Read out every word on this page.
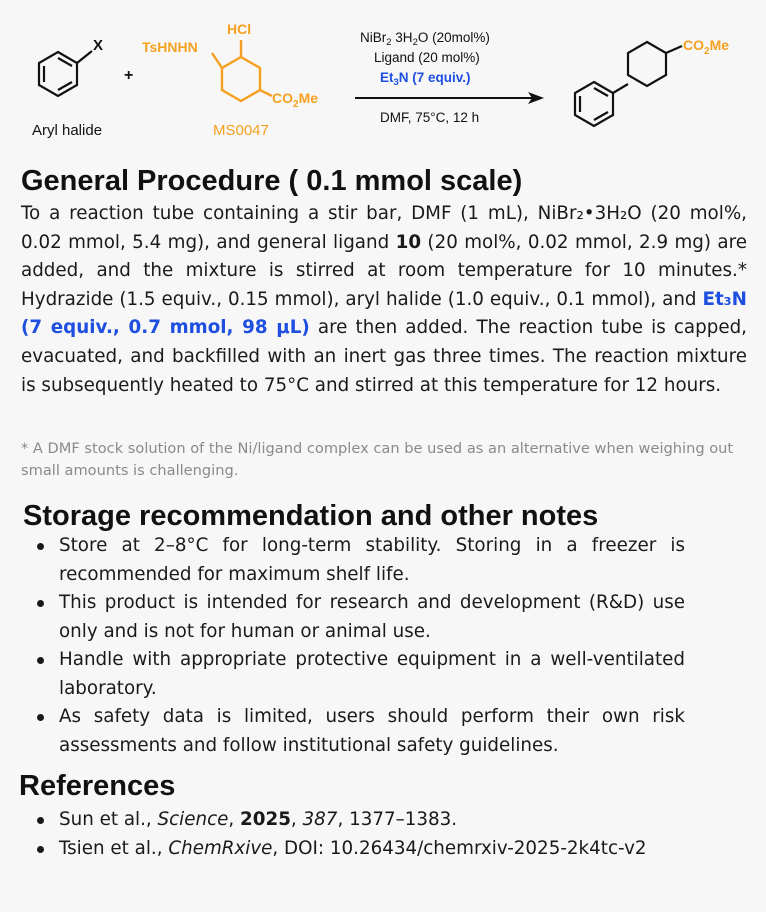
X
Aryl halide
+
HCl
TsHNHN
$CO_2Me$
MS0047
NiBr$_2$ $3H_2O$ (20mol%)
Ligand (20 mol%)
$Et_3N$ (7 equiv.)
DMF, 75°C, 12 h
$CO_2Me$
General Procedure ( 0.1 mmol scale)

To a reaction tube containing a stir bar, DMF (1 mL), NiBr₂•3H₂O (20 mol%, 0.02 mmol, 5.4 mg), and general ligand 10 (20 mol%, 0.02 mmol, 2.9 mg) are added, and the mixture is stirred at room temperature for 10 minutes.* Hydrazide (1.5 equiv., 0.15 mmol), aryl halide (1.0 equiv., 0.1 mmol), and Et₃N (7 equiv., 0.7 mmol, 98 μL) are then added. The reaction tube is capped, evacuated, and backfilled with an inert gas three times. The reaction mixture is subsequently heated to 75°C and stirred at this temperature for 12 hours.

* A DMF stock solution of the Ni/ligand complex can be used as an alternative when weighing out small amounts is challenging.

Storage recommendation and other notes
Store at 2–8°C for long-term stability. Storing in a freezer is recommended for maximum shelf life.
This product is intended for research and development (R&D) use only and is not for human or animal use.
Handle with appropriate protective equipment in a well-ventilated laboratory.
As safety data is limited, users should perform their own risk assessments and follow institutional safety guidelines.
References
Sun et al., Science, 2025, 387, 1377–1383.
Tsien et al., ChemRxive, DOI: 10.26434/chemrxiv-2025-2k4tc-v2
